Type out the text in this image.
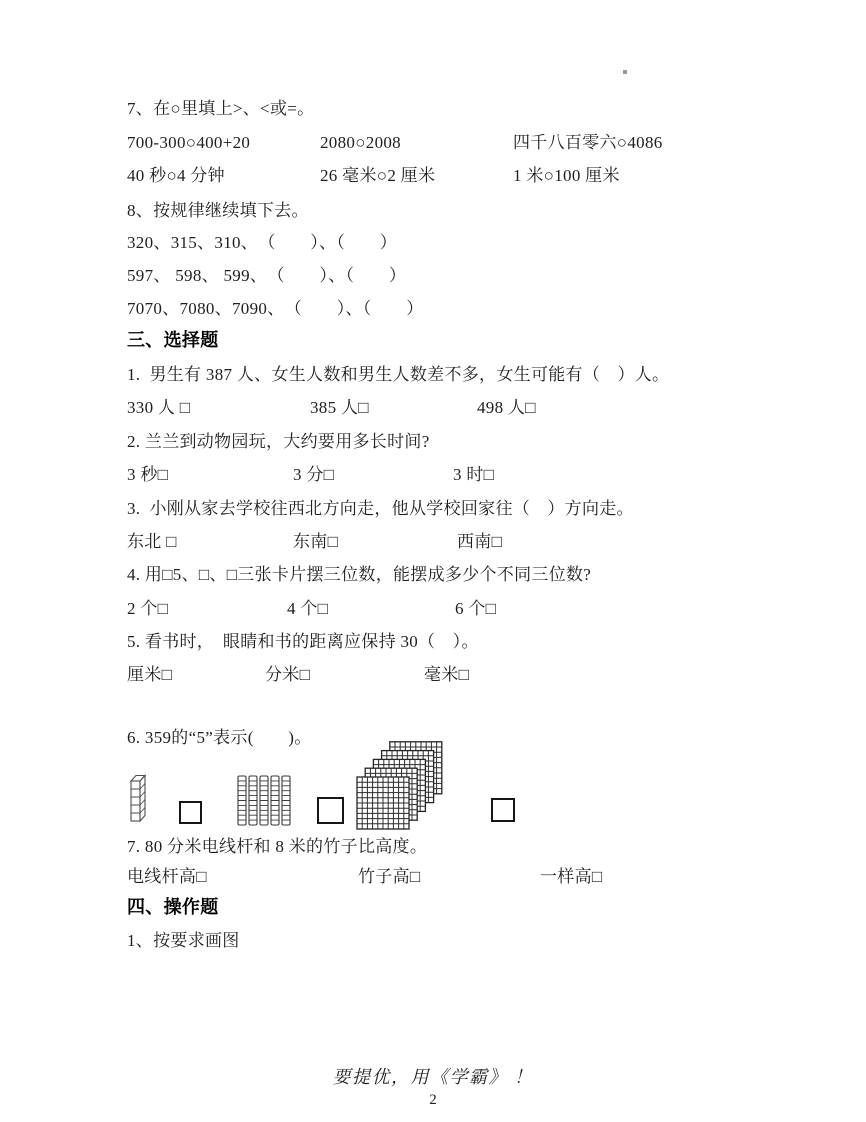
7、在○里填上>、<或=。
700-300○400+20	2080○2008	四千八百零六○4086
40 秒○4 分钟	26 毫米○2 厘米	1 米○100 厘米
8、按规律继续填下去。
320、315、310、　（　　）、（　　）
597、 598、 599、　（　　）、（　　）
7070、7080、7090、　（　　）、（　　）
三、选择题
1.  男生有 387 人、女生人数和男生人数差不多，女生可能有（　）人。
330 人 □	385 人□	498 人□
2. 兰兰到动物园玩，大约要用多长时间?
3 秒□	3 分□	3 时□
3.  小刚从家去学校往西北方向走，他从学校回家往（　）方向走。
东北 □	东南□	西南□
4. 用□5、□、□三张卡片摆三位数，能摆成多少个不同三位数?
2 个□	4 个□	6 个□
5. 看书时，　眼睛和书的距离应保持 30（　）。
厘米□	分米□	毫米□
6. 359的“5”表示(　　)。
7. 80 分米电线杆和 8 米的竹子比高度。
电线杆高□	竹子高□	一样高□
四、操作题
1、按要求画图
要提优，用《学霸》 ！
2
